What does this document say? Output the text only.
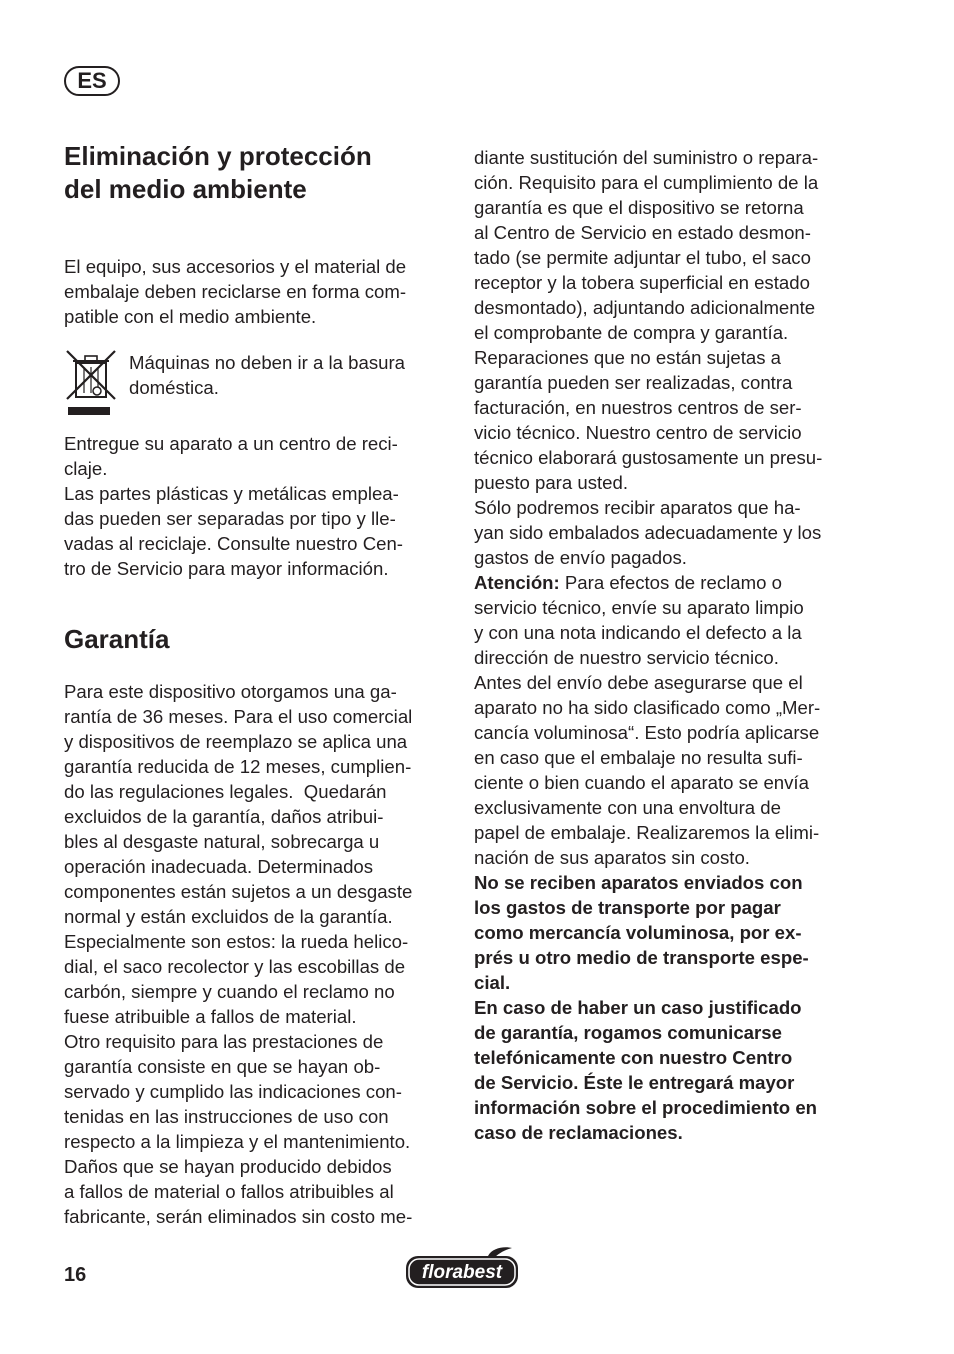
ES
Eliminación y protección
del medio ambiente
El equipo, sus accesorios y el material de
embalaje deben reciclarse en forma com-
patible con el medio ambiente.
Máquinas no deben ir a la basura
doméstica.
Entregue su aparato a un centro de reci-
claje.
Las partes plásticas y metálicas emplea-
das pueden ser separadas por tipo y lle-
vadas al reciclaje. Consulte nuestro Cen-
tro de Servicio para mayor información.
Garantía
Para este dispositivo otorgamos una ga-
rantía de 36 meses. Para el uso comercial
y dispositivos de reemplazo se aplica una
garantía reducida de 12 meses, cumplien-
do las regulaciones legales.  Quedarán
excluidos de la garantía, daños atribui-
bles al desgaste natural, sobrecarga u
operación inadecuada. Determinados
componentes están sujetos a un desgaste
normal y están excluidos de la garantía.
Especialmente son estos: la rueda helico-
dial, el saco recolector y las escobillas de
carbón, siempre y cuando el reclamo no
fuese atribuible a fallos de material.
Otro requisito para las prestaciones de
garantía consiste en que se hayan ob-
servado y cumplido las indicaciones con-
tenidas en las instrucciones de uso con
respecto a la limpieza y el mantenimiento.
Daños que se hayan producido debidos
a fallos de material o fallos atribuibles al
fabricante, serán eliminados sin costo me-
diante sustitución del suministro o repara-
ción. Requisito para el cumplimiento de la
garantía es que el dispositivo se retorna
al Centro de Servicio en estado desmon-
tado (se permite adjuntar el tubo, el saco
receptor y la tobera superficial en estado
desmontado), adjuntando adicionalmente
el comprobante de compra y garantía.
Reparaciones que no están sujetas a
garantía pueden ser realizadas, contra
facturación, en nuestros centros de ser-
vicio técnico. Nuestro centro de servicio
técnico elaborará gustosamente un presu-
puesto para usted.
Sólo podremos recibir aparatos que ha-
yan sido embalados adecuadamente y los
gastos de envío pagados.
Atención: Para efectos de reclamo o
servicio técnico, envíe su aparato limpio
y con una nota indicando el defecto a la
dirección de nuestro servicio técnico.
Antes del envío debe asegurarse que el
aparato no ha sido clasificado como „Mer-
cancía voluminosa“. Esto podría aplicarse
en caso que el embalaje no resulta sufi-
ciente o bien cuando el aparato se envía
exclusivamente con una envoltura de
papel de embalaje. Realizaremos la elimi-
nación de sus aparatos sin costo.
No se reciben aparatos enviados con
los gastos de transporte por pagar
como mercancía voluminosa, por ex-
prés u otro medio de transporte espe-
cial.
En caso de haber un caso justificado
de garantía, rogamos comunicarse
telefónicamente con nuestro Centro
de Servicio. Éste le entregará mayor
información sobre el procedimiento en
caso de reclamaciones.
16	florabest
